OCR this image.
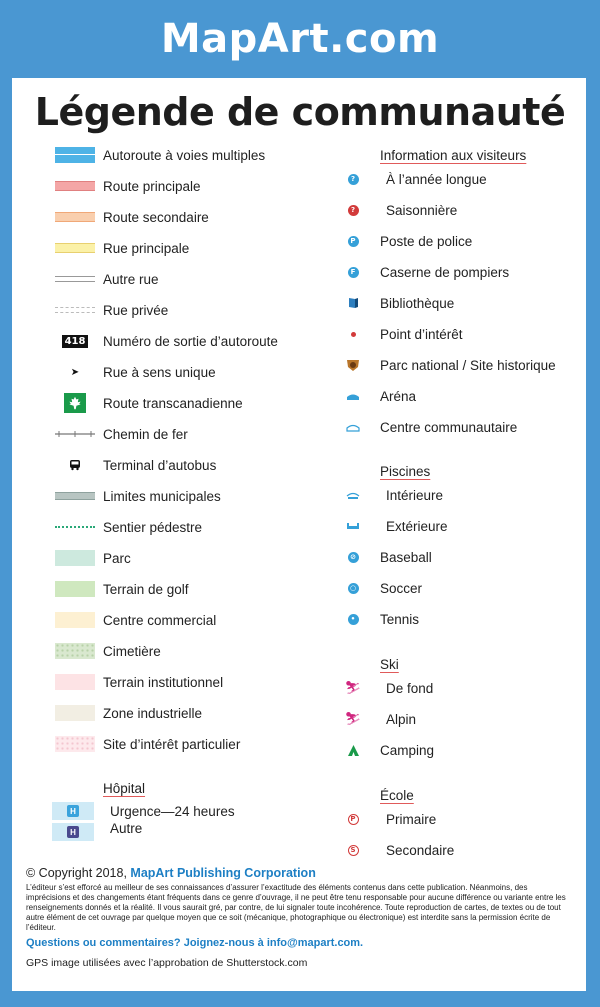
MapArt.com
Légende de communauté
Autoroute à voies multiples
Route principale
Route secondaire
Rue principale
Autre rue
Rue privée
418 Numéro de sortie d’autoroute
➤ Rue à sens unique
Route transcanadienne
Chemin de fer
Terminal d’autobus
Limites municipales
Sentier pédestre
Parc
Terrain de golf
Centre commercial
Cimetière
Terrain institutionnel
Zone industrielle
Site d’intérêt particulier
Hôpital
H
H
Urgence—24 heures
Autre
Information aux visiteurs
? À l’année longue
? Saisonnière
P Poste de police
F Caserne de pompiers
Bibliothèque
Point d’intérêt
Parc national / Site historique
Aréna
Centre communautaire
Piscines
Intérieure
Extérieure
⊘ Baseball
○ Soccer
• Tennis
Ski
⛷ De fond
⛷ Alpin
Camping
École
P Primaire
S Secondaire
© Copyright 2018, MapArt Publishing Corporation
L’éditeur s’est efforcé au meilleur de ses connaissances d’assurer l’exactitude des éléments contenus dans cette publication. Néanmoins, des imprécisions et des changements étant fréquents dans ce genre d’ouvrage, il ne peut être tenu responsable pour aucune différence ou variante entre les renseignements donnés et la réalité. Il vous saurait gré, par contre, de lui signaler toute incohérence. Toute reproduction de cartes, de textes ou de tout autre élément de cet ouvrage par quelque moyen que ce soit (mécanique, photographique ou électronique) est interdite sans la permission écrite de l’éditeur.
Questions ou commentaires? Joignez-nous à info@mapart.com.
GPS image utilisées avec l’approbation de Shutterstock.com
